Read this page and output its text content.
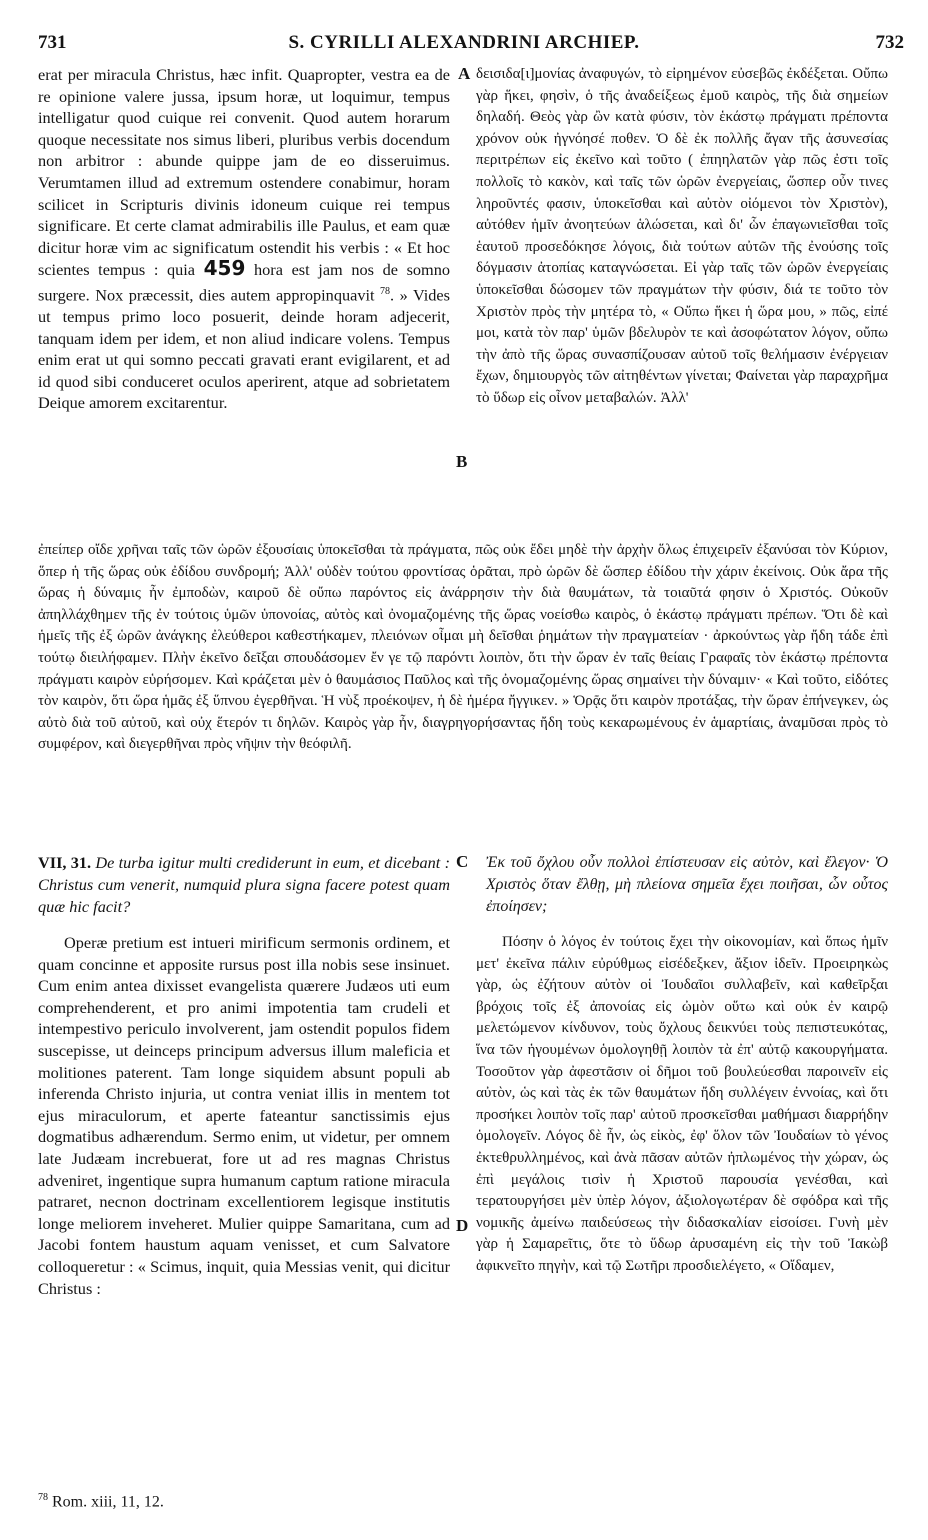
731	S. CYRILLI ALEXANDRINI ARCHIEP.	732

erat per miracula Christus, hæc infit. Quapropter, vestra ea de re opinione valere jussa, ipsum horæ, ut loquimur, tempus intelligatur quod cuique rei convenit. Quod autem horarum quoque necessitate nos simus liberi, pluribus verbis docendum non arbitror : abunde quippe jam de eo disseruimus. Verumtamen illud ad extremum ostendere conabimur, horam scilicet in Scripturis divinis idoneum cuique rei tempus significare. Et certe clamat admirabilis ille Paulus, et eam quæ dicitur horæ vim ac significatum ostendit his verbis : « Et hoc scientes tempus : quia 459 hora est jam nos de somno surgere. Nox præcessit, dies autem appropinquavit $^{78}$. » Vides ut tempus primo loco posuerit, deinde horam adjecerit, tanquam idem per idem, et non aliud indicare volens. Tempus enim erat ut qui somno peccati gravati erant evigilarent, et ad id quod sibi conduceret oculos aperirent, atque ad sobrietatem Deique amorem excitarentur.

A
B

δεισιδα[ι]μονίας ἀναφυγών, τὸ εἰρημένον εὐσεβῶς ἐκδέξεται. Οὔπω γὰρ ἥκει, φησὶν, ὁ τῆς ἀναδείξεως ἐμοῦ καιρὸς, τῆς διὰ σημείων δηλαδή. Θεὸς γὰρ ὢν κατὰ φύσιν, τὸν ἑκάστῳ πράγματι πρέποντα χρόνον οὐκ ἠγνόησέ ποθεν. Ὁ δὲ ἐκ πολλῆς ἄγαν τῆς ἀσυνεσίας περιτρέπων εἰς ἐκεῖνο καὶ τοῦτο ( ἐπηηλατῶν γὰρ πῶς ἐστι τοῖς πολλοῖς τὸ κακὸν, καὶ ταῖς τῶν ὡρῶν ἐνεργείαις, ὥσπερ οὖν τινες ληροῦντές φασιν, ὑποκεῖσθαι καὶ αὐτὸν οἰόμενοι τὸν Χριστὸν), αὐτόθεν ἡμῖν ἀνοητεύων ἁλώσεται, καὶ δι' ὧν ἐπαγωνιεῖσθαι τοῖς ἑαυτοῦ προσεδόκησε λόγοις, διὰ τούτων αὐτῶν τῆς ἐνούσης τοῖς δόγμασιν ἀτοπίας καταγνώσεται. Εἰ γὰρ ταῖς τῶν ὡρῶν ἐνεργείαις ὑποκεῖσθαι δώσομεν τῶν πραγμάτων τὴν φύσιν, διά τε τοῦτο τὸν Χριστὸν πρὸς τὴν μητέρα τὸ, « Οὔπω ἥκει ἡ ὥρα μου, » πῶς, εἰπέ μοι, κατὰ τὸν παρ' ὑμῶν βδελυρὸν τε καὶ ἀσοφώτατον λόγον, οὔπω τὴν ἀπὸ τῆς ὥρας συνασπίζουσαν αὐτοῦ τοῖς θελήμασιν ἐνέργειαν ἔχων, δημιουργὸς τῶν αἰτηθέντων γίνεται; Φαίνεται γὰρ παραχρῆμα τὸ ὕδωρ εἰς οἶνον μεταβαλών. Ἀλλ'

ἐπείπερ οἴδε χρῆναι ταῖς τῶν ὡρῶν ἐξουσίαις ὑποκεῖσθαι τὰ πράγματα, πῶς οὐκ ἔδει μηδὲ τὴν ἀρχὴν ὅλως ἐπιχειρεῖν ἐξανύσαι τὸν Κύριον, ὅπερ ἡ τῆς ὥρας οὐκ ἐδίδου συνδρομή; Ἀλλ' οὐδὲν τούτου φροντίσας ὁρᾶται, πρὸ ὡρῶν δὲ ὥσπερ ἐδίδου τὴν χάριν ἐκείνοις. Οὐκ ἄρα τῆς ὥρας ἡ δύναμις ἦν ἐμποδὼν, καιροῦ δὲ οὔπω παρόντος εἰς ἀνάρρησιν τὴν διὰ θαυμάτων, τὰ τοιαῦτά φησιν ὁ Χριστός. Οὐκοῦν ἀπηλλάχθημεν τῆς ἐν τούτοις ὑμῶν ὑπονοίας, αὐτὸς καὶ ὀνομαζομένης τῆς ὥρας νοείσθω καιρὸς, ὁ ἑκάστῳ πράγματι πρέπων. Ὅτι δὲ καὶ ἡμεῖς τῆς ἐξ ὡρῶν ἀνάγκης ἐλεύθεροι καθεστήκαμεν, πλειόνων οἶμαι μὴ δεῖσθαι ῥημάτων τὴν πραγματείαν · ἀρκούντως γὰρ ἤδη τάδε ἐπὶ τούτῳ διειλήφαμεν. Πλὴν ἐκεῖνο δεῖξαι σπουδάσομεν ἔν γε τῷ παρόντι λοιπὸν, ὅτι τὴν ὥραν ἐν ταῖς θείαις Γραφαῖς τὸν ἑκάστῳ πρέποντα πράγματι καιρὸν εὑρήσομεν. Καὶ κράζεται μὲν ὁ θαυμάσιος Παῦλος καὶ τῆς ὀνομαζομένης ὥρας σημαίνει τὴν δύναμιν· « Καὶ τοῦτο, εἰδότες τὸν καιρὸν, ὅτι ὥρα ἡμᾶς ἐξ ὕπνου ἐγερθῆναι. Ἡ νὺξ προέκοψεν, ἡ δὲ ἡμέρα ἤγγικεν. » Ὁρᾷς ὅτι καιρὸν προτάξας, τὴν ὥραν ἐπήνεγκεν, ὡς αὐτὸ διὰ τοῦ αὐτοῦ, καὶ οὐχ ἕτερόν τι δηλῶν. Καιρὸς γὰρ ἦν, διαγρηγορήσαντας ἤδη τοὺς κεκαρωμένους ἐν ἁμαρτίαις, ἀναμῦσαι πρὸς τὸ συμφέρον, καὶ διεγερθῆναι πρὸς νῆψιν τὴν θεόφιλῆ.

VII, 31. De turba igitur multi crediderunt in eum, et dicebant : Christus cum venerit, numquid plura signa facere potest quam quæ hic facit?

C Ἐκ τοῦ ὄχλου οὖν πολλοὶ ἐπίστευσαν εἰς αὐτὸν, καὶ ἔλεγον· Ὁ Χριστὸς ὅταν ἔλθῃ, μὴ πλείονα σημεῖα ἔχει ποιῆσαι, ὧν οὗτος ἐποίησεν;

Operæ pretium est intueri mirificum sermonis ordinem, et quam concinne et apposite rursus post illa nobis sese insinuet. Cum enim antea dixisset evangelista quærere Judæos uti eum comprehenderent, et pro animi impotentia tam crudeli et intempestivo periculo involverent, jam ostendit populos fidem suscepisse, ut deinceps principum adversus illum maleficia et molitiones paterent. Tam longe siquidem absunt populi ab inferenda Christo injuria, ut contra veniat illis in mentem tot ejus miraculorum, et aperte fateantur sanctissimis ejus dogmatibus adhærendum. Sermo enim, ut videtur, per omnem late Judæam increbuerat, fore ut ad res magnas Christus adveniret, ingentique supra humanum captum ratione miracula patraret, necnon doctrinam excellentiorem legisque institutis longe meliorem inveheret. Mulier quippe Samaritana, cum ad Jacobi fontem haustum aquam venisset, et cum Salvatore colloqueretur : « Scimus, inquit, quia Messias venit, qui dicitur Christus :

D

Πόσην ὁ λόγος ἐν τούτοις ἔχει τὴν οἰκονομίαν, καὶ ὅπως ἡμῖν μετ' ἐκεῖνα πάλιν εὐρύθμως εἰσέδεξκεν, ἄξιον ἰδεῖν. Προειρηκὼς γὰρ, ὡς ἐζήτουν αὐτὸν οἱ Ἰουδαῖοι συλλαβεῖν, καὶ καθεῖρξαι βρόχοις τοῖς ἐξ ἀπονοίας εἰς ὠμὸν οὕτω καὶ οὐκ ἐν καιρῷ μελετώμενον κίνδυνον, τοὺς ὄχλους δεικνύει τοὺς πεπιστευκότας, ἵνα τῶν ἡγουμένων ὁμολογηθῇ λοιπὸν τὰ ἐπ' αὐτῷ κακουργήματα. Τοσοῦτον γὰρ ἀφεστᾶσιν οἱ δῆμοι τοῦ βουλεύεσθαι παροινεῖν εἰς αὐτὸν, ὡς καὶ τὰς ἐκ τῶν θαυμάτων ἤδη συλλέγειν ἐννοίας, καὶ ὅτι προσήκει λοιπὸν τοῖς παρ' αὐτοῦ προσκεῖσθαι μαθήμασι διαρρήδην ὁμολογεῖν. Λόγος δὲ ἦν, ὡς εἰκὸς, ἐφ' ὅλον τῶν Ἰουδαίων τὸ γένος ἐκτεθρυλλημένος, καὶ ἀνὰ πᾶσαν αὐτῶν ἠπλωμένος τὴν χώραν, ὡς ἐπὶ μεγάλοις τισὶν ἡ Χριστοῦ παρουσία γενέσθαι, καὶ τερατουργήσει μὲν ὑπὲρ λόγον, ἀξιολογωτέραν δὲ σφόδρα καὶ τῆς νομικῆς ἀμείνω παιδεύσεως τὴν διδασκαλίαν εἰσοίσει. Γυνὴ μὲν γὰρ ἡ Σαμαρεῖτις, ὅτε τὸ ὕδωρ ἀρυσαμένη εἰς τὴν τοῦ Ἰακὼβ ἀφικνεῖτο πηγὴν, καὶ τῷ Σωτῆρι προσδιελέγετο, « Οἴδαμεν,

$^{78}$ Rom. xiii, 11, 12.
